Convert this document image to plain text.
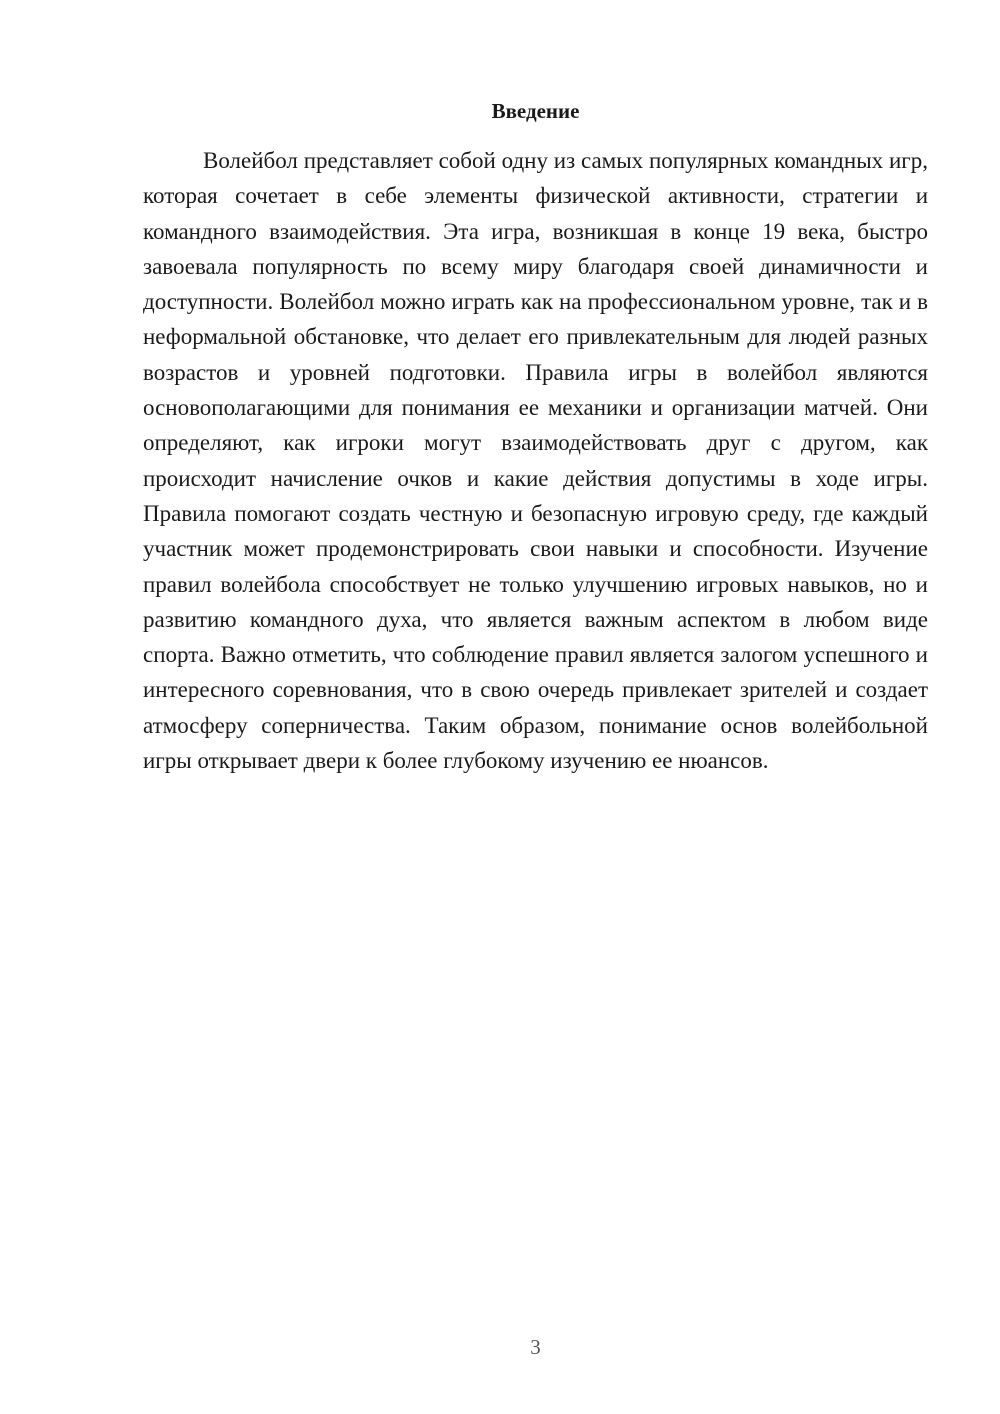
Введение

Волейбол представляет собой одну из самых популярных командных игр, которая сочетает в себе элементы физической активности, стратегии и командного взаимодействия. Эта игра, возникшая в конце 19 века, быстро завоевала популярность по всему миру благодаря своей динамичности и доступности. Волейбол можно играть как на профессиональном уровне, так и в неформальной обстановке, что делает его привлекательным для людей разных возрастов и уровней подготовки. Правила игры в волейбол являются основополагающими для понимания ее механики и организации матчей. Они определяют, как игроки могут взаимодействовать друг с другом, как происходит начисление очков и какие действия допустимы в ходе игры. Правила помогают создать честную и безопасную игровую среду, где каждый участник может продемонстрировать свои навыки и способности. Изучение правил волейбола способствует не только улучшению игровых навыков, но и развитию командного духа, что является важным аспектом в любом виде спорта. Важно отметить, что соблюдение правил является залогом успешного и интересного соревнования, что в свою очередь привлекает зрителей и создает атмосферу соперничества. Таким образом, понимание основ волейбольной игры открывает двери к более глубокому изучению ее нюансов.

3
